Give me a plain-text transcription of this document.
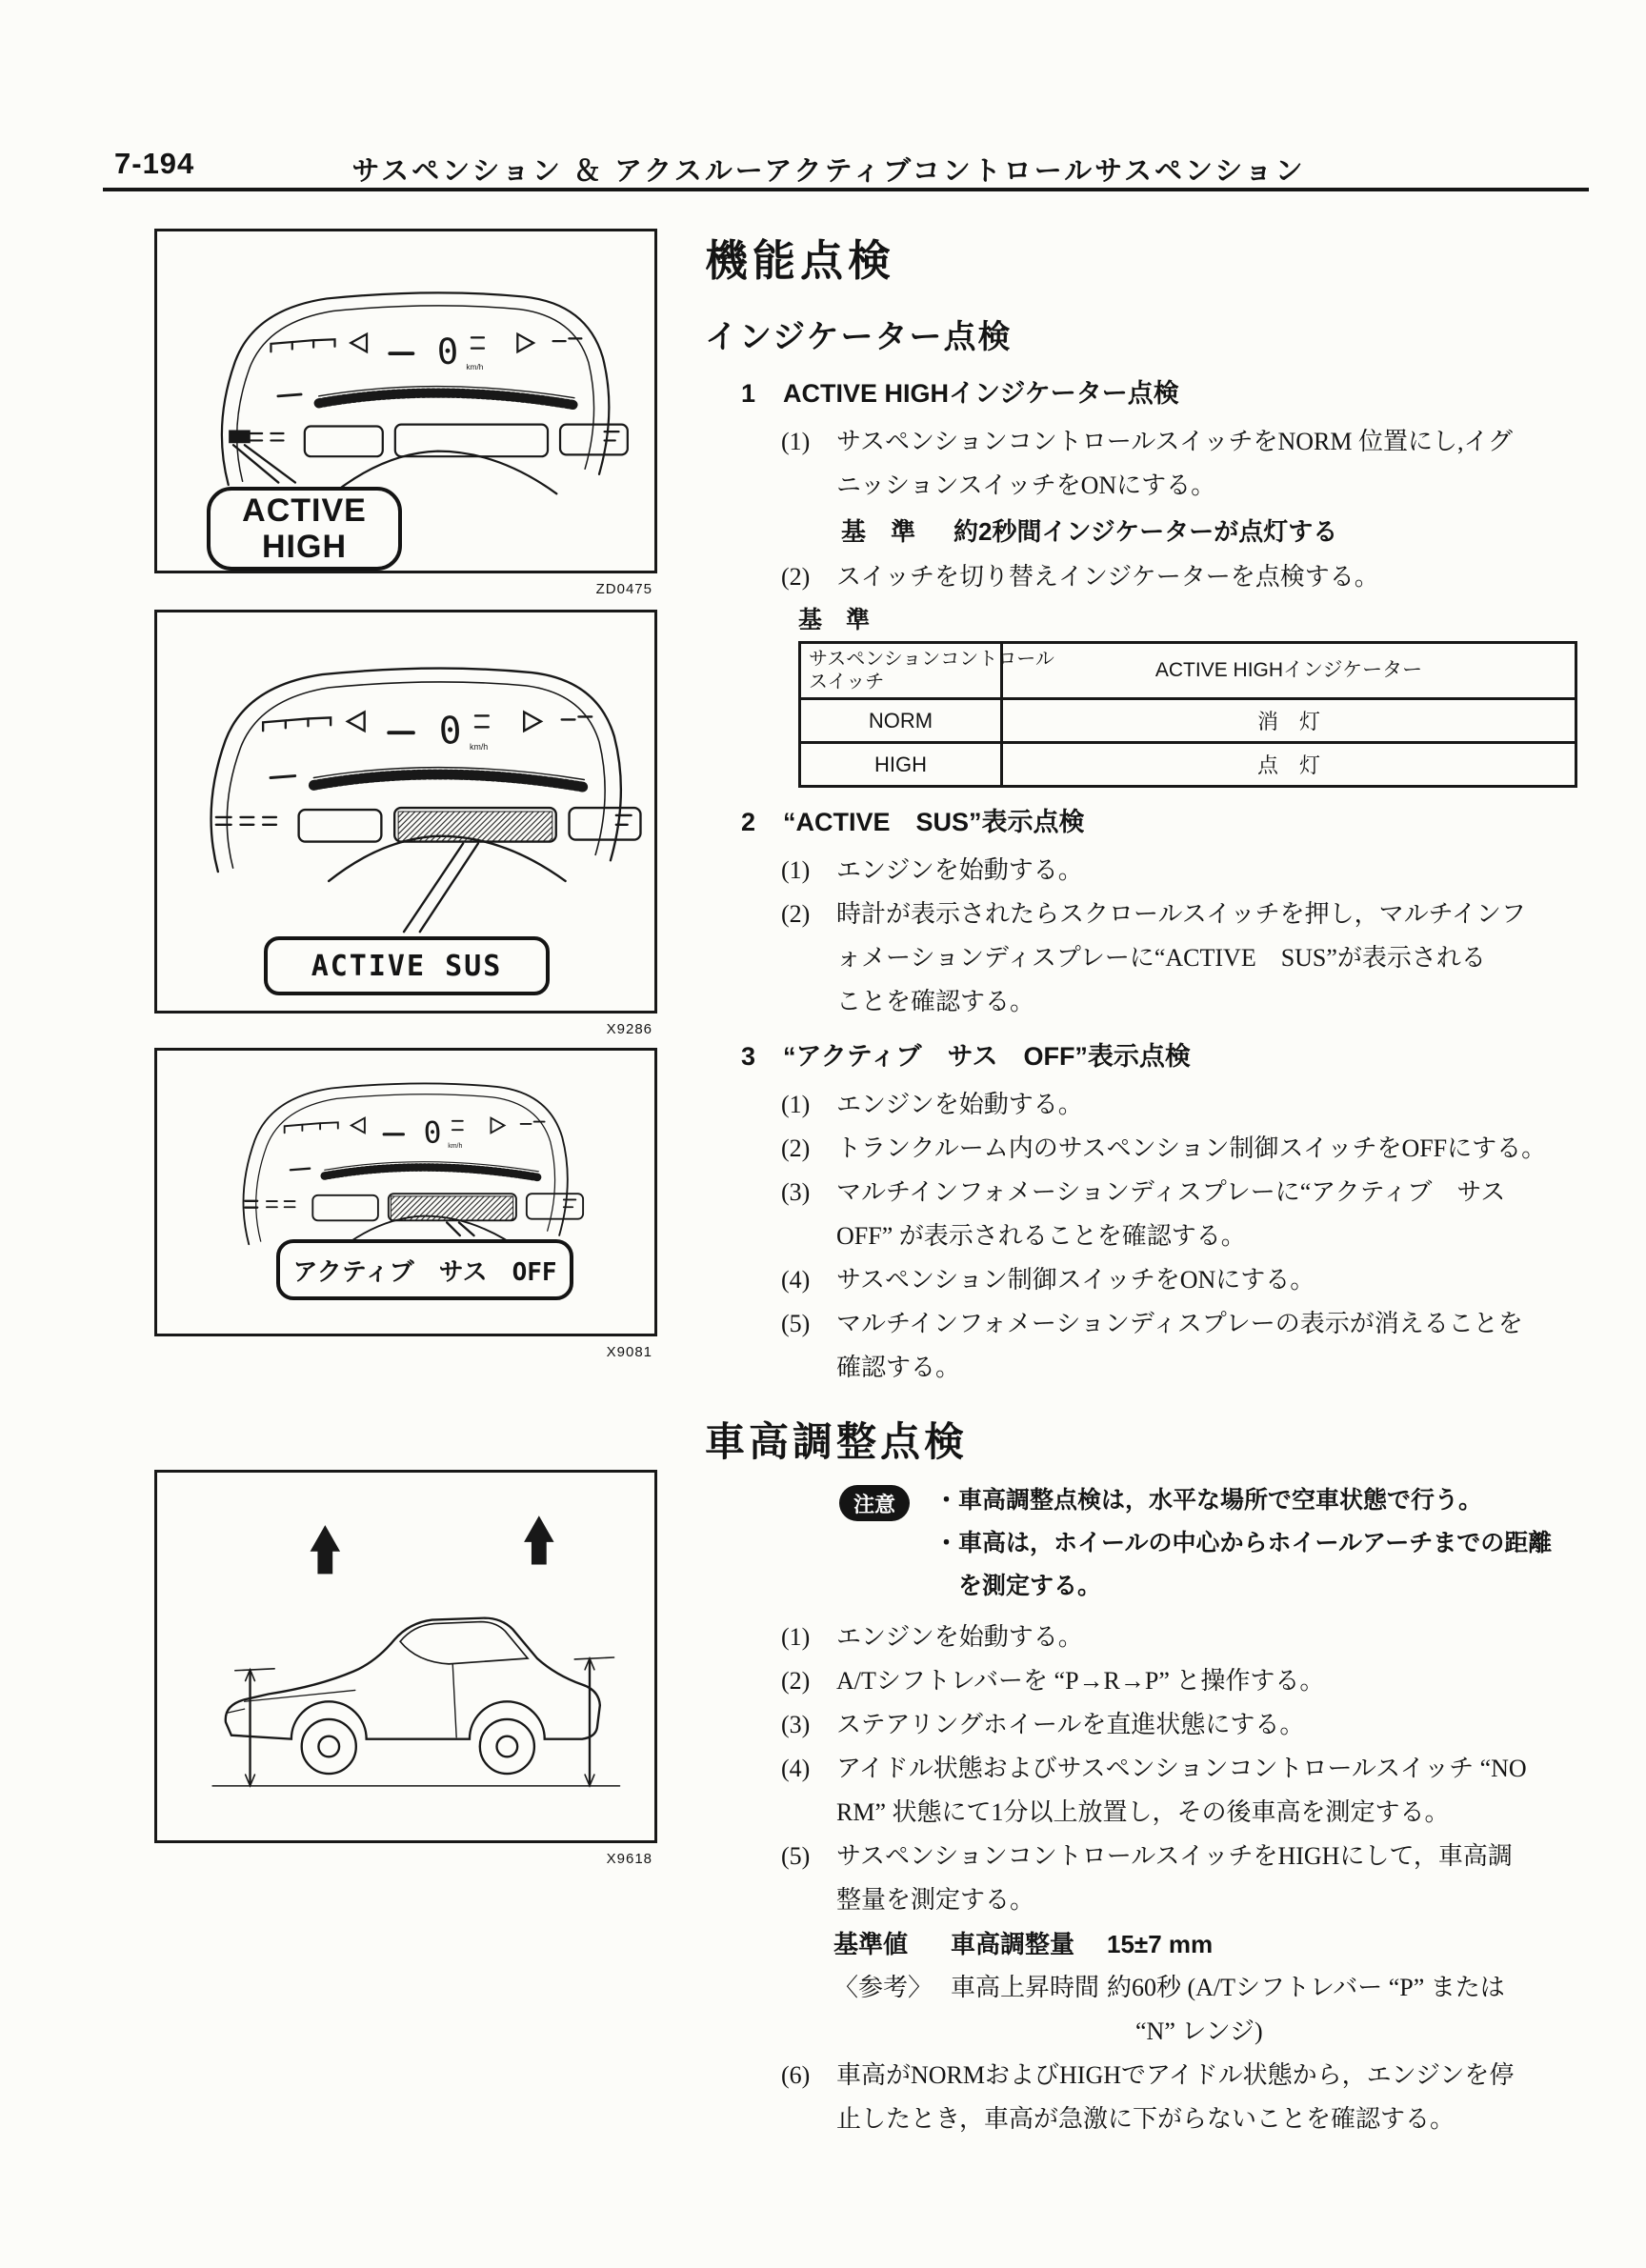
7-194	サスペンション ＆ アクスルーアクティブコントロールサスペンション
ACTIVE
HIGH
ZD0475
ACTIVE SUS
X9286
アクティブ　サス　OFF
X9081
X9618
機能点検
インジケーター点検
1	ACTIVE HIGHインジケーター点検
(1)	サスペンションコントロールスイッチをNORM 位置にし,イグ
ニッションスイッチをONにする。
基　準	約2秒間インジケーターが点灯する
(2)	スイッチを切り替えインジケーターを点検する。
基　準
サスペンションコントロール
スイッチ	ACTIVE HIGHインジケーター
NORM	消　灯
HIGH	点　灯
2	“ACTIVE　SUS”表示点検
(1)	エンジンを始動する。
(2)	時計が表示されたらスクロールスイッチを押し，マルチインフ
ォメーションディスプレーに“ACTIVE　SUS”が表示される
ことを確認する。
3	“アクティブ　サス　OFF”表示点検
(1)	エンジンを始動する。
(2)	トランクルーム内のサスペンション制御スイッチをOFFにする。
(3)	マルチインフォメーションディスプレーに“アクティブ　サス
OFF” が表示されることを確認する。
(4)	サスペンション制御スイッチをONにする。
(5)	マルチインフォメーションディスプレーの表示が消えることを
確認する。
車高調整点検
注意	・車高調整点検は，水平な場所で空車状態で行う。
・車高は，ホイールの中心からホイールアーチまでの距離
を測定する。
(1)	エンジンを始動する。
(2)	A/Tシフトレバーを “P→R→P” と操作する。
(3)	ステアリングホイールを直進状態にする。
(4)	アイドル状態およびサスペンションコントロールスイッチ “NO
RM” 状態にて1分以上放置し，その後車高を測定する。
(5)	サスペンションコントロールスイッチをHIGHにして，車高調
整量を測定する。
基準値	車高調整量	15±7 mm
〈参考〉 車高上昇時間 約60秒 (A/Tシフトレバー “P” または
“N” レンジ)
(6)	車高がNORMおよびHIGHでアイドル状態から，エンジンを停
止したとき，車高が急激に下がらないことを確認する。
